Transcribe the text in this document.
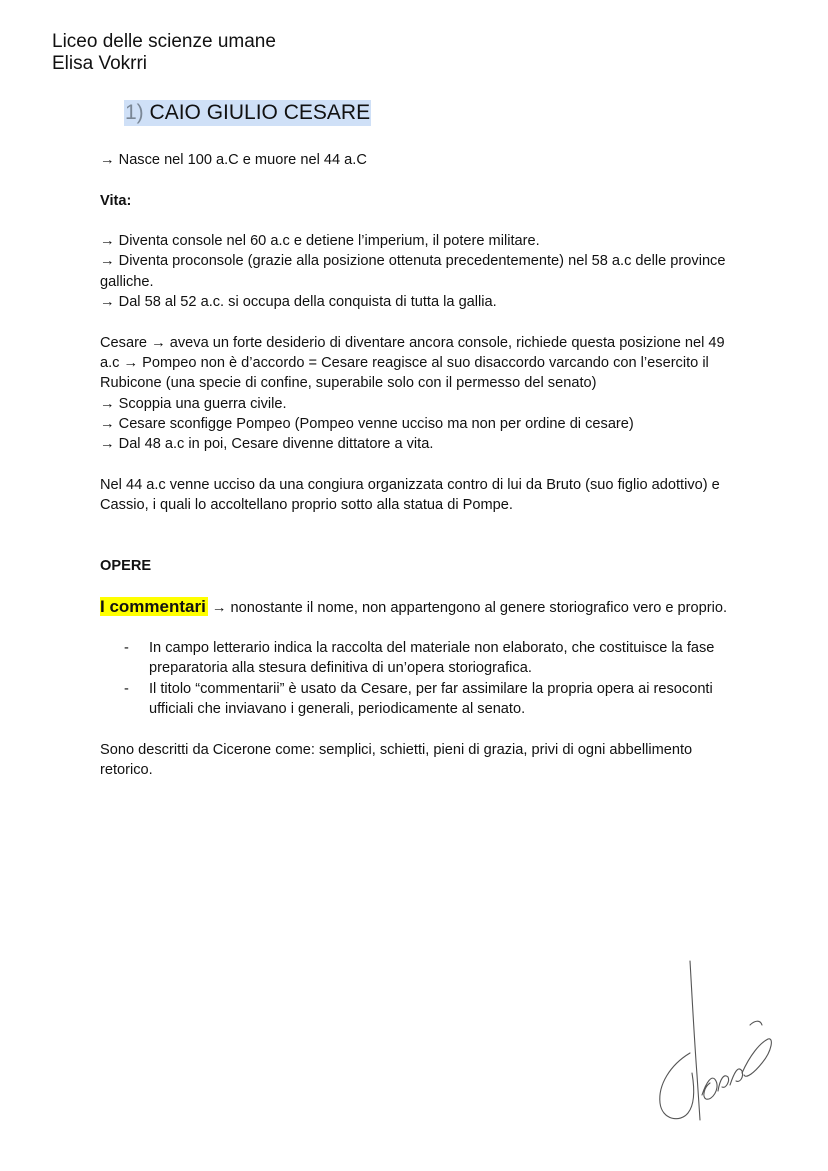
Liceo delle scienze umane
Elisa Vokrri
1) CAIO GIULIO CESARE

→ Nasce nel 100 a.C e muore nel 44 a.C

Vita:

→ Diventa console nel 60 a.c e detiene l’imperium, il potere militare.

→ Diventa proconsole (grazie alla posizione ottenuta precedentemente) nel 58 a.c delle province galliche.

→ Dal 58 al 52 a.c. si occupa della conquista di tutta la gallia.

Cesare → aveva un forte desiderio di diventare ancora console, richiede questa posizione nel 49 a.c → Pompeo non è d’accordo = Cesare reagisce al suo disaccordo varcando con l’esercito il Rubicone (una specie di confine, superabile solo con il permesso del senato)

→ Scoppia una guerra civile.

→ Cesare sconfigge Pompeo (Pompeo venne ucciso ma non per ordine di cesare)

→ Dal 48 a.c in poi, Cesare divenne dittatore a vita.

Nel 44 a.c venne ucciso da una congiura organizzata contro di lui da Bruto (suo figlio adottivo) e Cassio, i quali lo accoltellano proprio sotto alla statua di Pompe.

OPERE

I commentari → nonostante il nome, non appartengono al genere storiografico vero e proprio.

- In campo letterario indica la raccolta del materiale non elaborato, che costituisce la fase preparatoria alla stesura definitiva di un’opera storiografica.
- Il titolo “commentarii” è usato da Cesare, per far assimilare la propria opera ai resoconti ufficiali che inviavano i generali, periodicamente al senato.

Sono descritti da Cicerone come: semplici, schietti, pieni di grazia, privi di ogni abbellimento retorico.
